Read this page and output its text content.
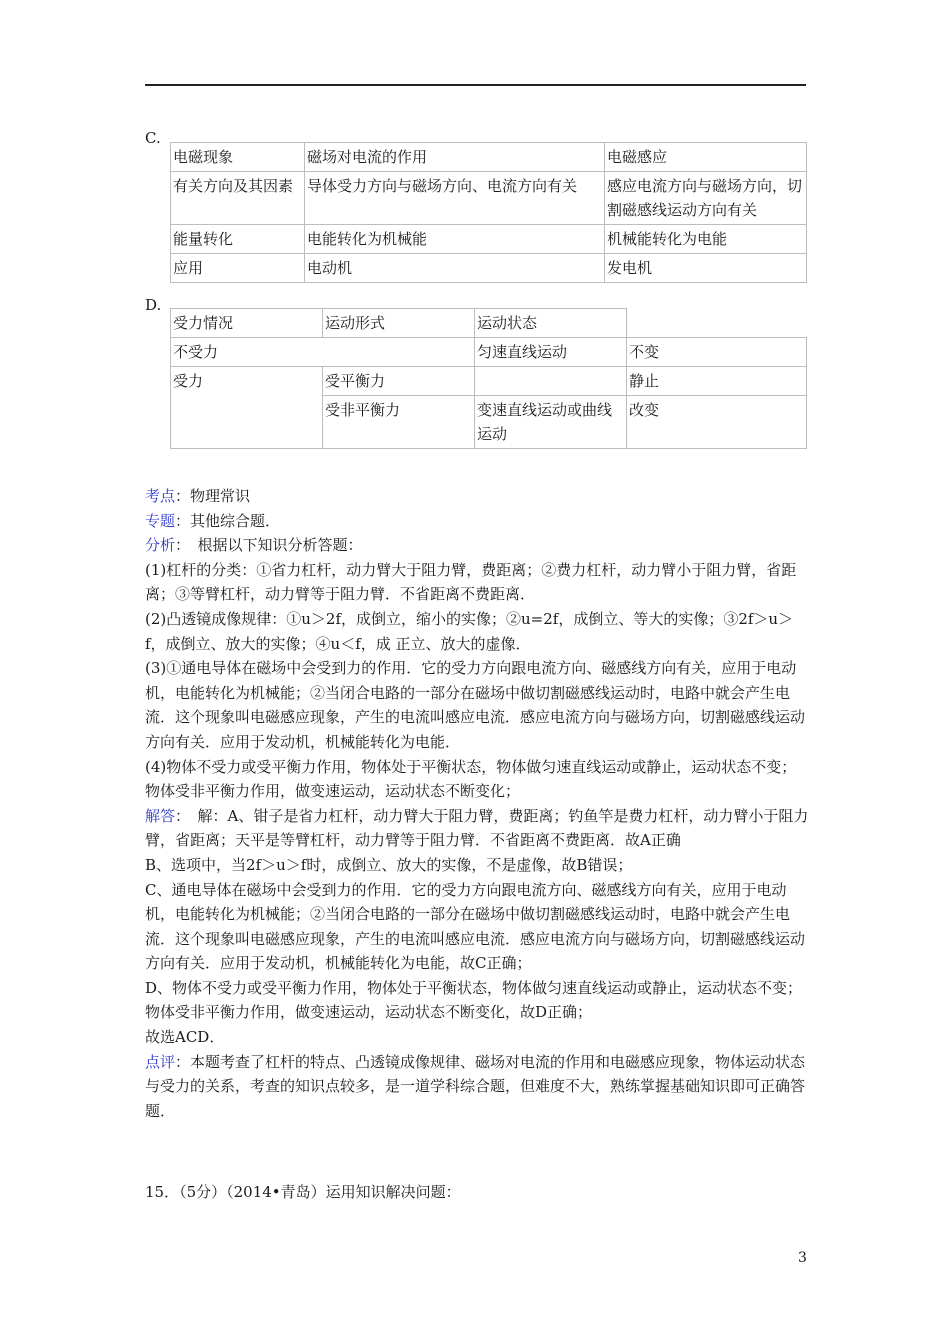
C.
电磁现象	磁场对电流的作用	电磁感应
有关方向及其因素	导体受力方向与磁场方向、电流方向有关	感应电流方向与磁场方向，切割磁感线运动方向有关
能量转化	电能转化为机械能	机械能转化为电能
应用	电动机	发电机
D.
受力情况	运动形式	运动状态	
不受力		匀速直线运动	不变
受力	受平衡力		静止
	受非平衡力	变速直线运动或曲线运动	改变

考点：物理常识

专题：其他综合题．

分析：　根据以下知识分析答题：

(1)杠杆的分类：①省力杠杆，动力臂大于阻力臂，费距离；②费力杠杆，动力臂小于阻力臂，省距离；③等臂杠杆，动力臂等于阻力臂．不省距离不费距离．

(2)凸透镜成像规律：①u＞2f，成倒立，缩小的实像；②u=2f，成倒立、等大的实像；③2f＞u＞f，成倒立、放大的实像；④u＜f，成 正立、放大的虚像．

(3)①通电导体在磁场中会受到力的作用．它的受力方向跟电流方向、磁感线方向有关，应用于电动机，电能转化为机械能；②当闭合电路的一部分在磁场中做切割磁感线运动时，电路中就会产生电流．这个现象叫电磁感应现象，产生的电流叫感应电流．感应电流方向与磁场方向，切割磁感线运动方向有关．应用于发动机，机械能转化为电能．

(4)物体不受力或受平衡力作用，物体处于平衡状态，物体做匀速直线运动或静止，运动状态不变；物体受非平衡力作用，做变速运动，运动状态不断变化；

解答：　解：A、钳子是省力杠杆，动力臂大于阻力臂，费距离；钓鱼竿是费力杠杆，动力臂小于阻力臂，省距离；天平是等臂杠杆，动力臂等于阻力臂．不省距离不费距离．故A正确

B、选项中，当2f＞u＞f时，成倒立、放大的实像，不是虚像，故B错误；

C、通电导体在磁场中会受到力的作用．它的受力方向跟电流方向、磁感线方向有关，应用于电动机，电能转化为机械能；②当闭合电路的一部分在磁场中做切割磁感线运动时，电路中就会产生电流．这个现象叫电磁感应现象，产生的电流叫感应电流．感应电流方向与磁场方向，切割磁感线运动方向有关．应用于发动机，机械能转化为电能，故C正确；

D、物体不受力或受平衡力作用，物体处于平衡状态，物体做匀速直线运动或静止，运动状态不变；物体受非平衡力作用，做变速运动，运动状态不断变化，故D正确；

故选ACD．

点评：本题考查了杠杆的特点、凸透镜成像规律、磁场对电流的作用和电磁感应现象，物体运动状态与受力的关系，考查的知识点较多，是一道学科综合题，但难度不大，熟练掌握基础知识即可正确答题．

15．（5分）（2014•青岛）运用知识解决问题：
3
